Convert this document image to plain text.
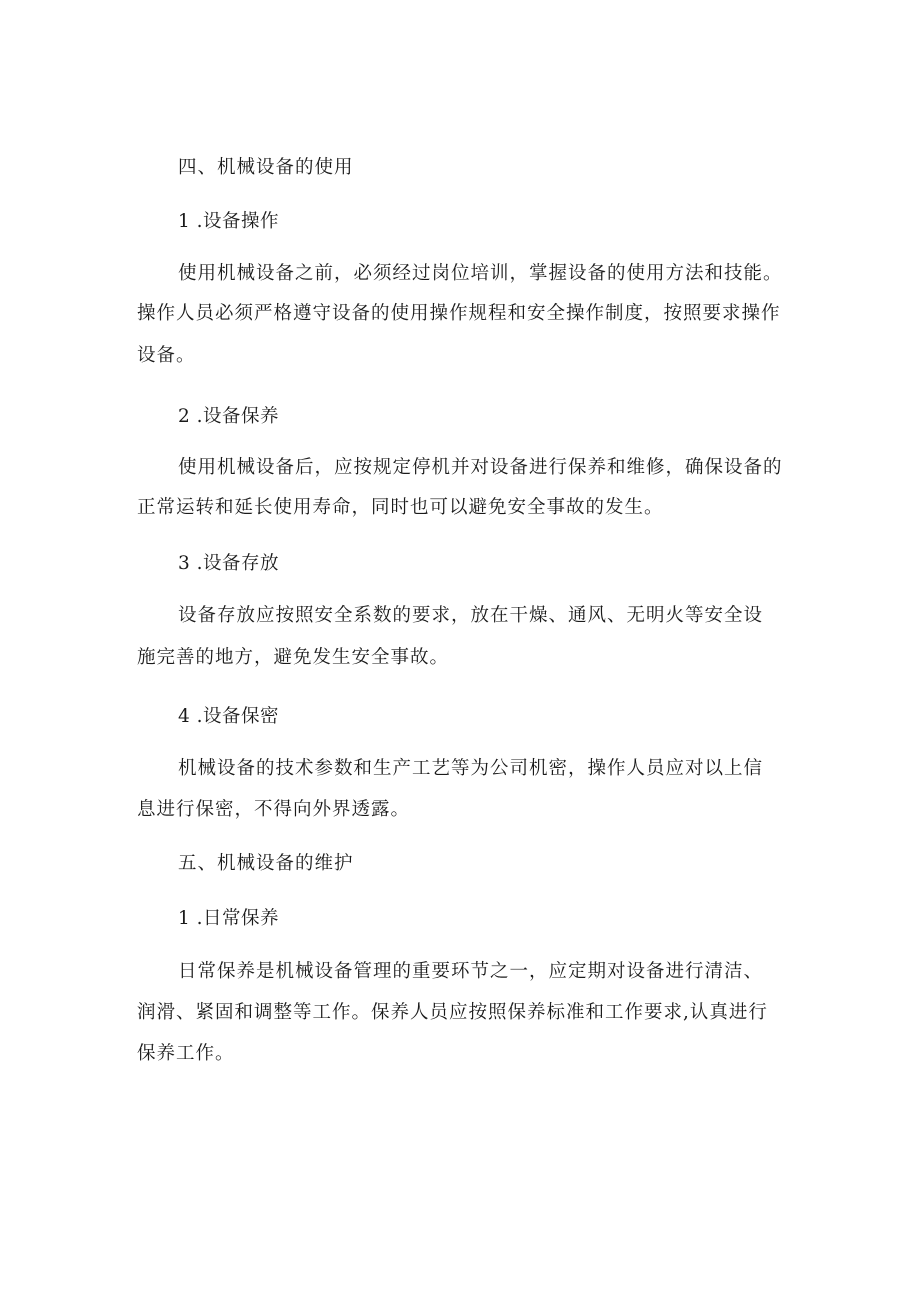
四、机械设备的使用
1 .设备操作
使用机械设备之前，必须经过岗位培训，掌握设备的使用方法和技能。
操作人员必须严格遵守设备的使用操作规程和安全操作制度，按照要求操作
设备。
2 .设备保养
使用机械设备后，应按规定停机并对设备进行保养和维修，确保设备的
正常运转和延长使用寿命，同时也可以避免安全事故的发生。
3 .设备存放
设备存放应按照安全系数的要求，放在干燥、通风、无明火等安全设
施完善的地方，避免发生安全事故。
4 .设备保密
机械设备的技术参数和生产工艺等为公司机密，操作人员应对以上信
息进行保密，不得向外界透露。
五、机械设备的维护
1 .日常保养
日常保养是机械设备管理的重要环节之一，应定期对设备进行清洁、
润滑、紧固和调整等工作。保养人员应按照保养标准和工作要求,认真进行
保养工作。
